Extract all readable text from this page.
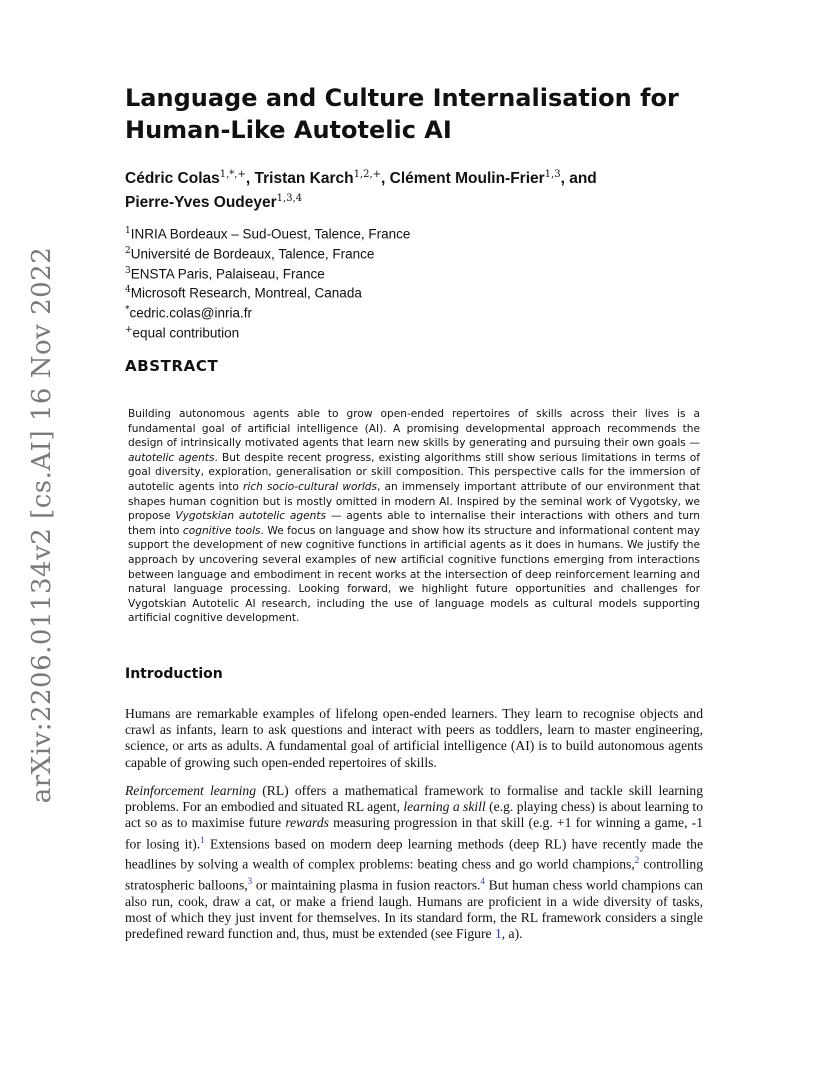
arXiv:2206.01134v2 [cs.AI] 16 Nov 2022
Language and Culture Internalisation for Human-Like Autotelic AI
Cédric Colas$^{1,*,+}$, Tristan Karch$^{1,2,+}$, Clément Moulin-Frier$^{1,3}$, and
Pierre-Yves Oudeyer$^{1,3,4}$
$^1$INRIA Bordeaux – Sud-Ouest, Talence, France
$^2$Université de Bordeaux, Talence, France
$^3$ENSTA Paris, Palaiseau, France
$^4$Microsoft Research, Montreal, Canada
*cedric.colas@inria.fr
+equal contribution
ABSTRACT

Building autonomous agents able to grow open-ended repertoires of skills across their lives is a fundamental goal of artificial intelligence (AI). A promising developmental approach recommends the design of intrinsically motivated agents that learn new skills by generating and pursuing their own goals — autotelic agents. But despite recent progress, existing algorithms still show serious limitations in terms of goal diversity, exploration, generalisation or skill composition. This perspective calls for the immersion of autotelic agents into rich socio-cultural worlds, an immensely important attribute of our environment that shapes human cognition but is mostly omitted in modern AI. Inspired by the seminal work of Vygotsky, we propose Vygotskian autotelic agents — agents able to internalise their interactions with others and turn them into cognitive tools. We focus on language and show how its structure and informational content may support the development of new cognitive functions in artificial agents as it does in humans. We justify the approach by uncovering several examples of new artificial cognitive functions emerging from interactions between language and embodiment in recent works at the intersection of deep reinforcement learning and natural language processing. Looking forward, we highlight future opportunities and challenges for Vygotskian Autotelic AI research, including the use of language models as cultural models supporting artificial cognitive development.

Introduction

Humans are remarkable examples of lifelong open-ended learners. They learn to recognise objects and crawl as infants, learn to ask questions and interact with peers as toddlers, learn to master engineering, science, or arts as adults. A fundamental goal of artificial intelligence (AI) is to build autonomous agents capable of growing such open-ended repertoires of skills.

Reinforcement learning (RL) offers a mathematical framework to formalise and tackle skill learning problems. For an embodied and situated RL agent, learning a skill (e.g. playing chess) is about learning to act so as to maximise future rewards measuring progression in that skill (e.g. +1 for winning a game, -1 for losing it).$^1$ Extensions based on modern deep learning methods (deep RL) have recently made the headlines by solving a wealth of complex problems: beating chess and go world champions,$^2$ controlling stratospheric balloons,$^3$ or maintaining plasma in fusion reactors.$^4$ But human chess world champions can also run, cook, draw a cat, or make a friend laugh. Humans are proficient in a wide diversity of tasks, most of which they just invent for themselves. In its standard form, the RL framework considers a single predefined reward function and, thus, must be extended (see Figure 1, a).
